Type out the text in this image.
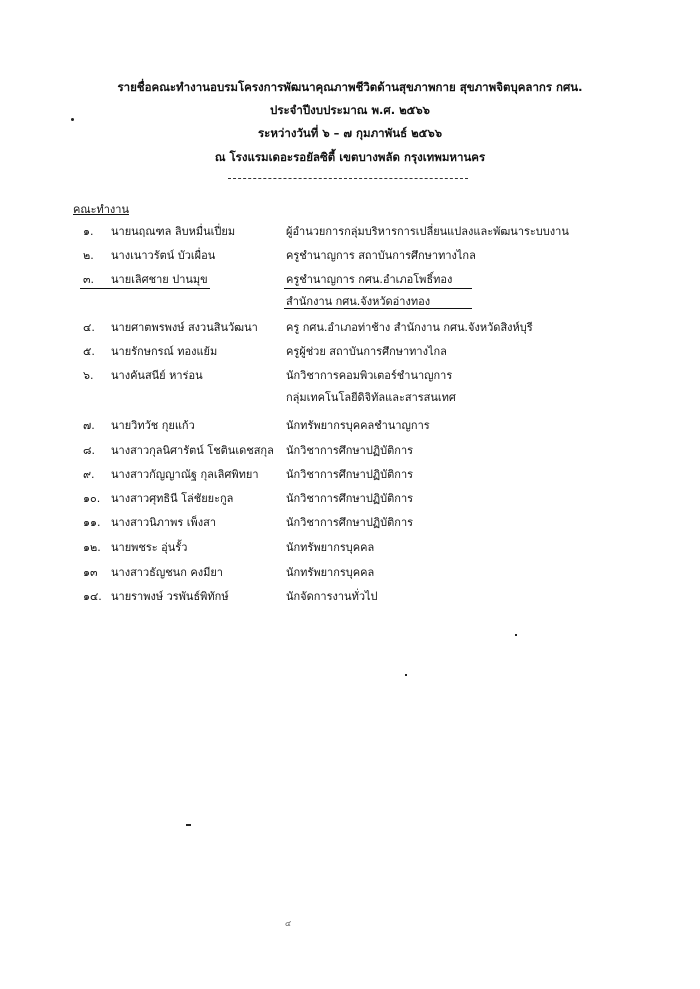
รายชื่อคณะทำงานอบรมโครงการพัฒนาคุณภาพชีวิตด้านสุขภาพกาย สุขภาพจิตบุคลากร กศน.
ประจำปีงบประมาณ พ.ศ. ๒๕๖๖
ระหว่างวันที่ ๖ – ๗ กุมภาพันธ์ ๒๕๖๖
ณ โรงแรมเดอะรอยัลซิตี้ เขตบางพลัด กรุงเทพมหานคร
คณะทำงาน
๑. นายนฤณฑล ลิบหมื่นเปี่ยม	ผู้อำนวยการกลุ่มบริหารการเปลี่ยนแปลงและพัฒนาระบบงาน
๒. นางเนาวรัตน์ บัวเผื่อน	ครูชำนาญการ สถาบันการศึกษาทางไกล
๓. นายเลิศชาย ปานมุข	ครูชำนาญการ กศน.อำเภอโพธิ์ทอง
สำนักงาน กศน.จังหวัดอ่างทอง
๔. นายศาตพรพงษ์ สงวนสินวัฒนา	ครู กศน.อำเภอท่าช้าง สำนักงาน กศน.จังหวัดสิงห์บุรี
๕. นายรักษกรณ์ ทองแย้ม	ครูผู้ช่วย สถาบันการศึกษาทางไกล
๖. นางคันสนีย์ หาร่อน	นักวิชาการคอมพิวเตอร์ชำนาญการ
กลุ่มเทคโนโลยีดิจิทัลและสารสนเทศ
๗. นายวิทวัช กุยแก้ว	นักทรัพยากรบุคคลชำนาญการ
๘. นางสาวกุลนิศารัตน์ โชตินเดชสกุล นักวิชาการศึกษาปฏิบัติการ
๙. นางสาวกัญญาณัฐ กุลเลิศพิทยา	นักวิชาการศึกษาปฏิบัติการ
๑๐. นางสาวศุทธินี โล่ชัยยะกูล	นักวิชาการศึกษาปฏิบัติการ
๑๑. นางสาวนิภาพร เพ็งสา	นักวิชาการศึกษาปฏิบัติการ
๑๒. นายพชระ อุ่นรั้ว	นักทรัพยากรบุคคล
๑๓ นางสาวธัญชนก คงมียา	นักทรัพยากรบุคคล
๑๔. นายราพงษ์ วรพันธ์พิทักษ์	นักจัดการงานทั่วไป
๔
